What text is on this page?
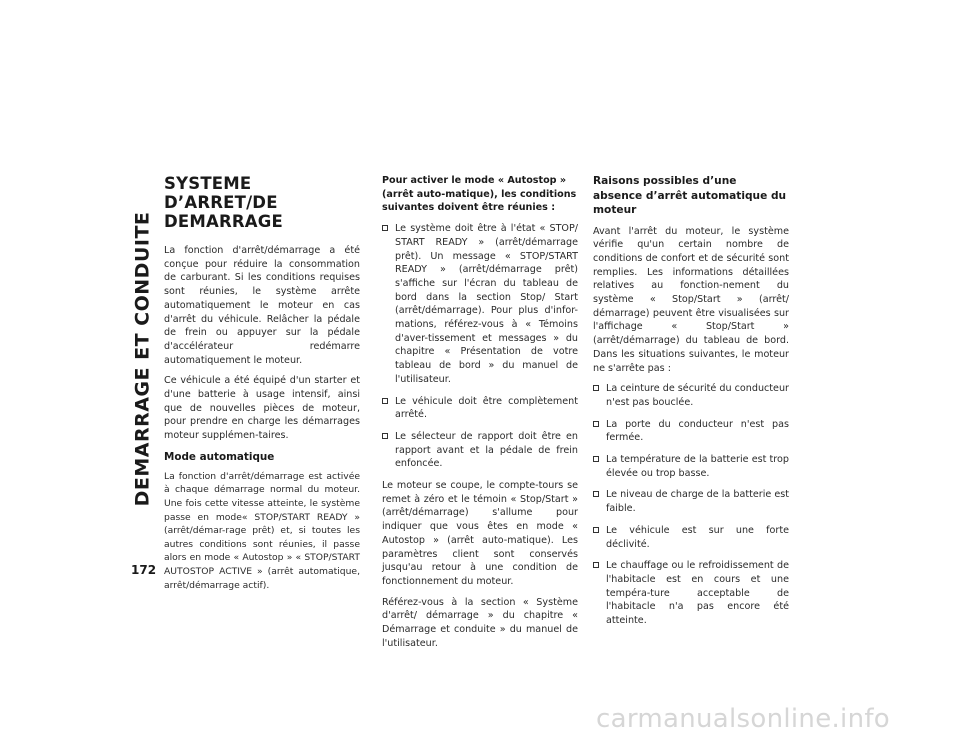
DEMARRAGE ET CONDUITE
172
SYSTEME D’ARRET/DE DEMARRAGE

La fonction d'arrêt/démarrage a été conçue pour réduire la consommation de carburant. Si les conditions requises sont réunies, le système arrête automatiquement le moteur en cas d'arrêt du véhicule. Relâcher la pédale de frein ou appuyer sur la pédale d'accélérateur redémarre automatiquement le moteur.

Ce véhicule a été équipé d'un starter et d'une batterie à usage intensif, ainsi que de nouvelles pièces de moteur, pour prendre en charge les démarrages moteur supplémen-taires.

Mode automatique

La fonction d'arrêt/démarrage est activée à chaque démarrage normal du moteur. Une fois cette vitesse atteinte, le système passe en mode« STOP/START READY » (arrêt/démar-rage prêt) et, si toutes les autres conditions sont réunies, il passe alors en mode « Autostop » « STOP/START AUTOSTOP ACTIVE » (arrêt automatique, arrêt/démarrage actif).

Pour activer le mode « Autostop » (arrêt auto-matique), les conditions suivantes doivent être réunies :

Le système doit être à l'état « STOP/ START READY » (arrêt/démarrage prêt). Un message « STOP/START READY » (arrêt/démarrage prêt) s'affiche sur l'écran du tableau de bord dans la section Stop/ Start (arrêt/démarrage). Pour plus d'infor-mations, référez-vous à « Témoins d'aver-tissement et messages » du chapitre « Présentation de votre tableau de bord » du manuel de l'utilisateur.
Le véhicule doit être complètement arrêté.
Le sélecteur de rapport doit être en rapport avant et la pédale de frein enfoncée.

Le moteur se coupe, le compte-tours se remet à zéro et le témoin « Stop/Start » (arrêt/démarrage) s'allume pour indiquer que vous êtes en mode « Autostop » (arrêt auto-matique). Les paramètres client sont conservés jusqu'au retour à une condition de fonctionnement du moteur.

Référez-vous à la section « Système d'arrêt/ démarrage » du chapitre « Démarrage et conduite » du manuel de l'utilisateur.

Raisons possibles d’une absence d’arrêt automatique du moteur

Avant l'arrêt du moteur, le système vérifie qu'un certain nombre de conditions de confort et de sécurité sont remplies. Les informations détaillées relatives au fonction-nement du système « Stop/Start » (arrêt/ démarrage) peuvent être visualisées sur l'affichage « Stop/Start » (arrêt/démarrage) du tableau de bord. Dans les situations suivantes, le moteur ne s'arrête pas :

La ceinture de sécurité du conducteur n'est pas bouclée.
La porte du conducteur n'est pas fermée.
La température de la batterie est trop élevée ou trop basse.
Le niveau de charge de la batterie est faible.
Le véhicule est sur une forte déclivité.
Le chauffage ou le refroidissement de l'habitacle est en cours et une tempéra-ture acceptable de l'habitacle n'a pas encore été atteinte.
carmanualsonline.info
